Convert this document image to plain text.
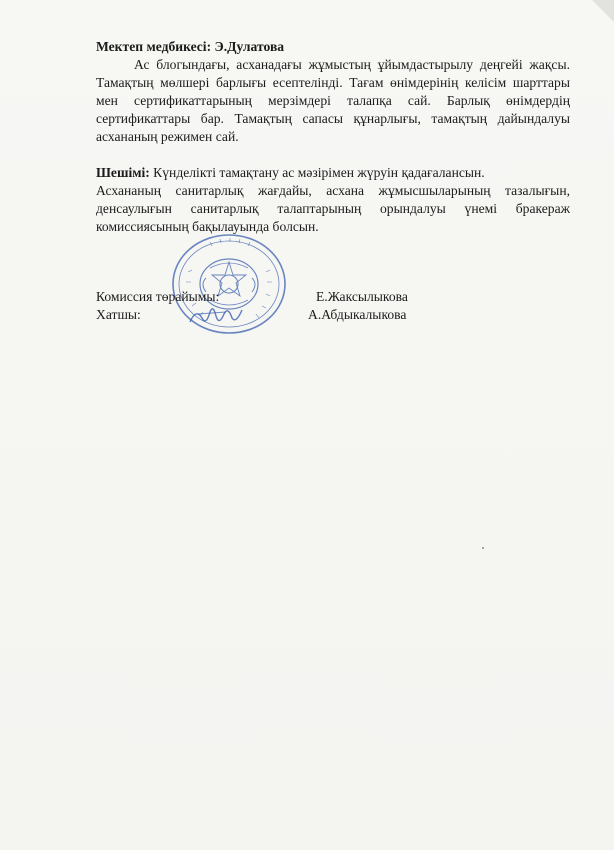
Мектеп медбикесі: Э.Дулатова

Ас блогындағы, асханадағы жұмыстың ұйымдастырылу деңгейі жақсы. Тамақтың мөлшері барлығы есептелінді. Тағам өнімдерінің келісім шарттары мен сертификаттарының мерзімдері талапқа сай. Барлық өнімдердің сертификаттары бар. Тамақтың сапасы құнарлығы, тамақтың дайындалуы асхананың режимен сай.

Шешімі: Күнделікті тамақтану ас мәзірімен жүруін қадағалансын.

Асхананың санитарлық жағдайы, асхана жұмысшыларының тазалығын, денсаулығын санитарлық талаптарының орындалуы үнемі бракераж комиссиясының бақылауында болсын.

Комиссия төрайымы:	Е.Жаксылыкова
Хатшы:	А.Абдыкалыкова
